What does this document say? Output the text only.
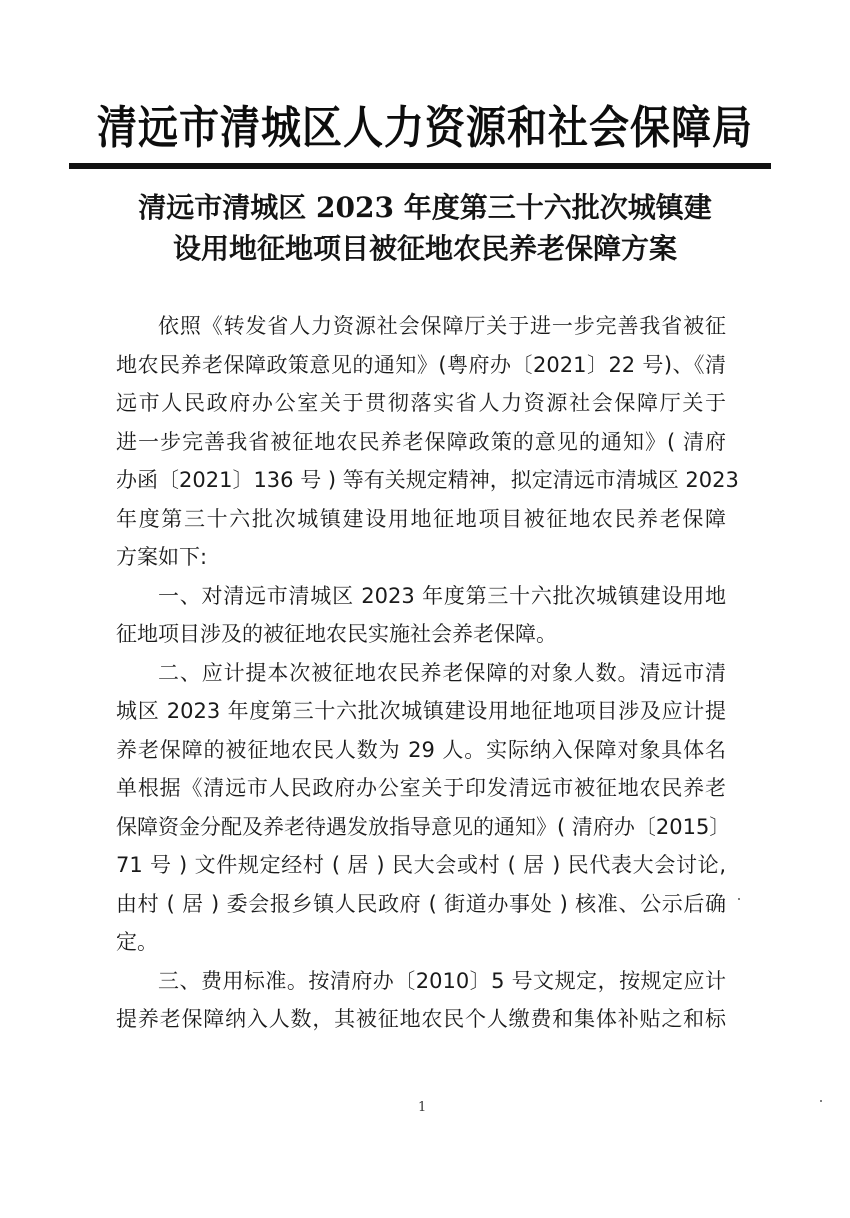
清远市清城区人力资源和社会保障局
清远市清城区 2023 年度第三十六批次城镇建
设用地征地项目被征地农民养老保障方案
依照《转发省人力资源社会保障厅关于进一步完善我省被征
地农民养老保障政策意见的通知》(粤府办〔2021〕22 号)、《清
远市人民政府办公室关于贯彻落实省人力资源社会保障厅关于
进一步完善我省被征地农民养老保障政策的意见的通知》( 清府
办函〔2021〕136 号 ) 等有关规定精神，拟定清远市清城区 2023
年度第三十六批次城镇建设用地征地项目被征地农民养老保障
方案如下:
一、对清远市清城区 2023 年度第三十六批次城镇建设用地
征地项目涉及的被征地农民实施社会养老保障。
二、应计提本次被征地农民养老保障的对象人数。清远市清
城区 2023 年度第三十六批次城镇建设用地征地项目涉及应计提
养老保障的被征地农民人数为 29 人。实际纳入保障对象具体名
单根据《清远市人民政府办公室关于印发清远市被征地农民养老
保障资金分配及养老待遇发放指导意见的通知》( 清府办〔2015〕
71 号 ) 文件规定经村 ( 居 ) 民大会或村 ( 居 ) 民代表大会讨论,
由村 ( 居 ) 委会报乡镇人民政府 ( 街道办事处 ) 核准、公示后确
定。
三、费用标准。按清府办〔2010〕5 号文规定，按规定应计
提养老保障纳入人数，其被征地农民个人缴费和集体补贴之和标
1
